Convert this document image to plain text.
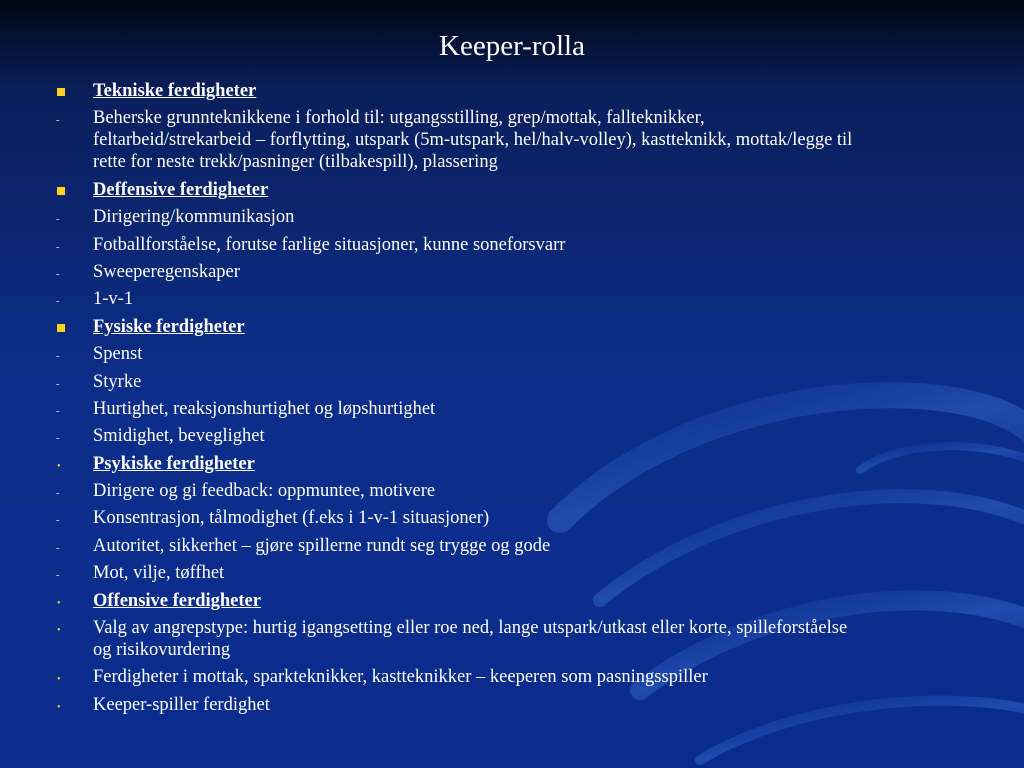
Keeper-rolla
Tekniske ferdigheter
-	Beherske grunnteknikkene i forhold til: utgangsstilling, grep/mottak, fallteknikker, feltarbeid/strekarbeid – forflytting, utspark (5m-utspark, hel/halv-volley), kastteknikk, mottak/legge til rette for neste trekk/pasninger (tilbakespill), plassering
Deffensive ferdigheter
-	Dirigering/kommunikasjon
-	Fotballforståelse, forutse farlige situasjoner, kunne soneforsvarr
-	Sweeperegenskaper
-	1-v-1
Fysiske ferdigheter
-	Spenst
-	Styrke
-	Hurtighet, reaksjonshurtighet og løpshurtighet
-	Smidighet, beveglighet
•	Psykiske ferdigheter
-	Dirigere og gi feedback: oppmuntee, motivere
-	Konsentrasjon, tålmodighet (f.eks i 1-v-1 situasjoner)
-	Autoritet, sikkerhet – gjøre spillerne rundt seg trygge og gode
-	Mot, vilje, tøffhet
•	Offensive ferdigheter
•	Valg av angrepstype: hurtig igangsetting eller roe ned, lange utspark/utkast eller korte, spilleforståelse og risikovurdering
•	Ferdigheter i mottak, sparkteknikker, kastteknikker – keeperen som pasningsspiller
•	Keeper-spiller ferdighet
